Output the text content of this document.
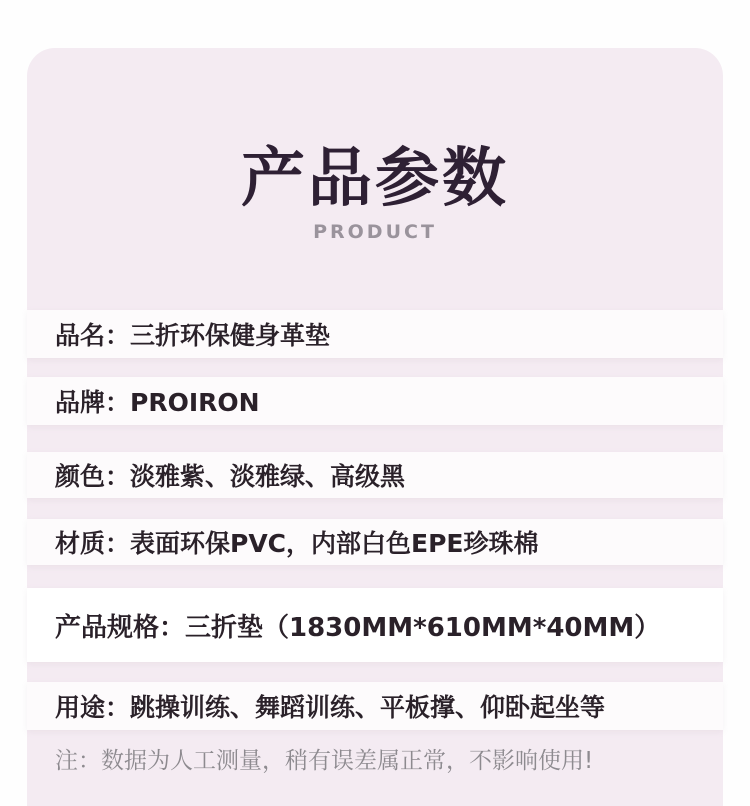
产品参数
PRODUCT
品名：三折环保健身革垫
品牌：PROIRON
颜色：淡雅紫、淡雅绿、高级黑
材质：表面环保PVC，内部白色EPE珍珠棉
产品规格：三折垫（1830MM*610MM*40MM）
用途：跳操训练、舞蹈训练、平板撑、仰卧起坐等
注：数据为人工测量，稍有误差属正常，不影响使用!
